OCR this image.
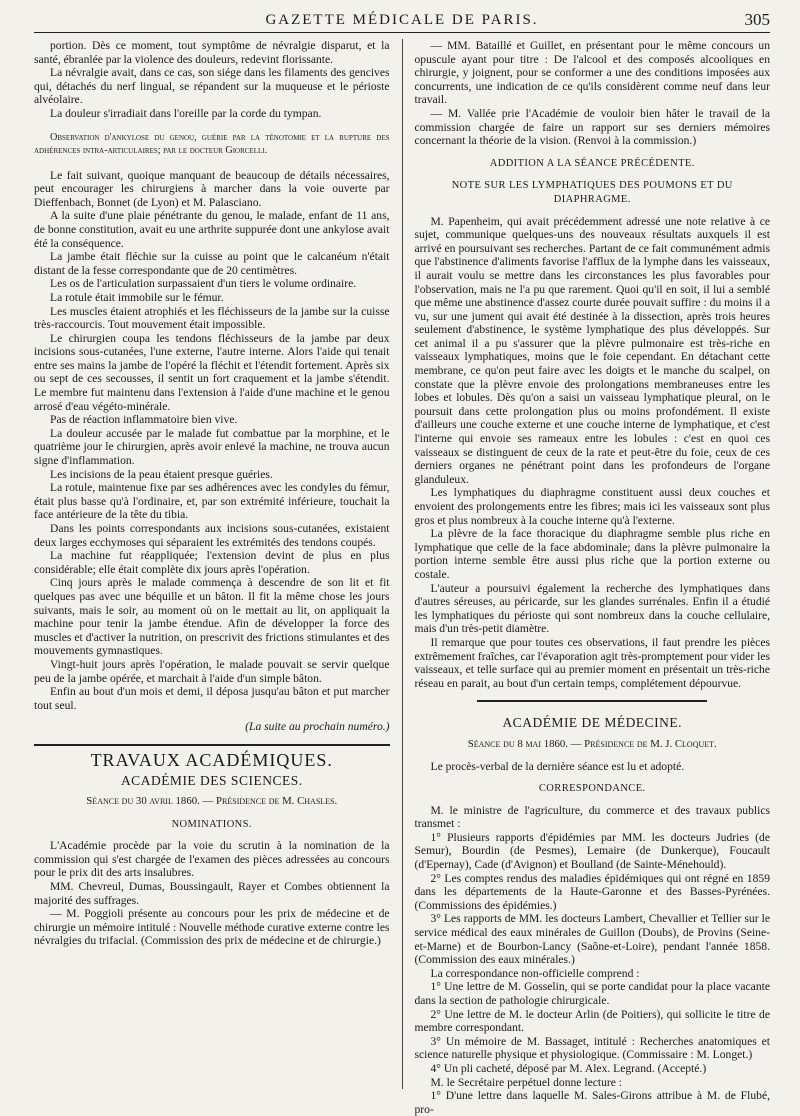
GAZETTE MÉDICALE DE PARIS.	305

portion. Dès ce moment, tout symptôme de névralgie disparut, et la santé, ébranlée par la violence des douleurs, redevint florissante.

La névralgie avait, dans ce cas, son siége dans les filaments des gencives qui, détachés du nerf lingual, se répandent sur la muqueuse et le périoste alvéolaire.

La douleur s'irradiait dans l'oreille par la corde du tympan.

Observation d'ankylose du genou, guérie par la ténotomie et la rupture des adhérences intra-articulaires; par le docteur Giorcelli.

Le fait suivant, quoique manquant de beaucoup de détails nécessaires, peut encourager les chirurgiens à marcher dans la voie ouverte par Dieffenbach, Bonnet (de Lyon) et M. Palasciano.

A la suite d'une plaie pénétrante du genou, le malade, enfant de 11 ans, de bonne constitution, avait eu une arthrite suppurée dont une ankylose avait été la conséquence.

La jambe était fléchie sur la cuisse au point que le calcanéum n'était distant de la fesse correspondante que de 20 centimètres.

Les os de l'articulation surpassaient d'un tiers le volume ordinaire.

La rotule était immobile sur le fémur.

Les muscles étaient atrophiés et les fléchisseurs de la jambe sur la cuisse très-raccourcis. Tout mouvement était impossible.

Le chirurgien coupa les tendons fléchisseurs de la jambe par deux incisions sous-cutanées, l'une externe, l'autre interne. Alors l'aide qui tenait entre ses mains la jambe de l'opéré la fléchit et l'étendit fortement. Après six ou sept de ces secousses, il sentit un fort craquement et la jambe s'étendit. Le membre fut maintenu dans l'extension à l'aide d'une machine et le genou arrosé d'eau végéto-minérale.

Pas de réaction inflammatoire bien vive.

La douleur accusée par le malade fut combattue par la morphine, et le quatrième jour le chirurgien, après avoir enlevé la machine, ne trouva aucun signe d'inflammation.

Les incisions de la peau étaient presque guéries.

La rotule, maintenue fixe par ses adhérences avec les condyles du fémur, était plus basse qu'à l'ordinaire, et, par son extrémité inférieure, touchait la face antérieure de la tête du tibia.

Dans les points correspondants aux incisions sous-cutanées, existaient deux larges ecchymoses qui séparaient les extrémités des tendons coupés.

La machine fut réappliquée; l'extension devint de plus en plus considérable; elle était complète dix jours après l'opération.

Cinq jours après le malade commença à descendre de son lit et fit quelques pas avec une béquille et un bâton. Il fit la même chose les jours suivants, mais le soir, au moment où on le mettait au lit, on appliquait la machine pour tenir la jambe étendue. Afin de développer la force des muscles et d'activer la nutrition, on prescrivit des frictions stimulantes et des mouvements gymnastiques.

Vingt-huit jours après l'opération, le malade pouvait se servir quelque peu de la jambe opérée, et marchait à l'aide d'un simple bâton.

Enfin au bout d'un mois et demi, il déposa jusqu'au bâton et put marcher tout seul.

(La suite au prochain numéro.)
TRAVAUX ACADÉMIQUES.
ACADÉMIE DES SCIENCES.
Séance du 30 avril 1860. — Présidence de M. Chasles.
NOMINATIONS.

L'Académie procède par la voie du scrutin à la nomination de la commission qui s'est chargée de l'examen des pièces adressées au concours pour le prix dit des arts insalubres.

MM. Chevreul, Dumas, Boussingault, Rayer et Combes obtiennent la majorité des suffrages.

— M. Poggioli présente au concours pour les prix de médecine et de chirurgie un mémoire intitulé : Nouvelle méthode curative externe contre les névralgies du trifacial. (Commission des prix de médecine et de chirurgie.)

— MM. Bataillé et Guillet, en présentant pour le même concours un opuscule ayant pour titre : De l'alcool et des composés alcooliques en chirurgie, y joignent, pour se conformer a une des conditions imposées aux concurrents, une indication de ce qu'ils considèrent comme neuf dans leur travail.

— M. Vallée prie l'Académie de vouloir bien hâter le travail de la commission chargée de faire un rapport sur ses derniers mémoires concernant la théorie de la vision. (Renvoi à la commission.)

ADDITION A LA SÉANCE PRÉCÉDENTE.
NOTE SUR LES LYMPHATIQUES DES POUMONS ET DU DIAPHRAGME.

M. Papenheim, qui avait précédemment adressé une note relative à ce sujet, communique quelques-uns des nouveaux résultats auxquels il est arrivé en poursuivant ses recherches. Partant de ce fait communément admis que l'abstinence d'aliments favorise l'afflux de la lymphe dans les vaisseaux, il aurait voulu se mettre dans les circonstances les plus favorables pour l'observation, mais ne l'a pu que rarement. Quoi qu'il en soit, il lui a semblé que même une abstinence d'assez courte durée pouvait suffire : du moins il a vu, sur une jument qui avait été destinée à la dissection, après trois heures seulement d'abstinence, le système lymphatique des plus développés. Sur cet animal il a pu s'assurer que la plèvre pulmonaire est très-riche en vaisseaux lymphatiques, moins que le foie cependant. En détachant cette membrane, ce qu'on peut faire avec les doigts et le manche du scalpel, on constate que la plèvre envoie des prolongations membraneuses entre les lobes et lobules. Dès qu'on a saisi un vaisseau lymphatique pleural, on le poursuit dans cette prolongation plus ou moins profondément. Il existe d'ailleurs une couche externe et une couche interne de lymphatique, et c'est l'interne qui envoie ses rameaux entre les lobules : c'est en quoi ces vaisseaux se distinguent de ceux de la rate et peut-être du foie, ceux de ces derniers organes ne pénétrant point dans les profondeurs de l'organe glanduleux.

Les lymphatiques du diaphragme constituent aussi deux couches et envoient des prolongements entre les fibres; mais ici les vaisseaux sont plus gros et plus nombreux à la couche interne qu'à l'externe.

La plèvre de la face thoracique du diaphragme semble plus riche en lymphatique que celle de la face abdominale; dans la plèvre pulmonaire la portion interne semble être aussi plus riche que la portion externe ou costale.

L'auteur a poursuivi également la recherche des lymphatiques dans d'autres séreuses, au péricarde, sur les glandes surrénales. Enfin il a étudié les lymphatiques du périoste qui sont nombreux dans la couche cellulaire, mais d'un très-petit diamètre.

Il remarque que pour toutes ces observations, il faut prendre les pièces extrêmement fraîches, car l'évaporation agit très-promptement pour vider les vaisseaux, et telle surface qui au premier moment en présentait un très-riche réseau en parait, au bout d'un certain temps, complétement dépourvue.

ACADÉMIE DE MÉDECINE.
Séance du 8 mai 1860. — Présidence de M. J. Cloquet.

Le procès-verbal de la dernière séance est lu et adopté.

CORRESPONDANCE.

M. le ministre de l'agriculture, du commerce et des travaux publics transmet :

1° Plusieurs rapports d'épidémies par MM. les docteurs Judries (de Semur), Bourdin (de Pesmes), Lemaire (de Dunkerque), Foucault (d'Epernay), Cade (d'Avignon) et Boulland (de Sainte-Ménehould).

2° Les comptes rendus des maladies épidémiques qui ont régné en 1859 dans les départements de la Haute-Garonne et des Basses-Pyrénées. (Commissions des épidémies.)

3° Les rapports de MM. les docteurs Lambert, Chevallier et Tellier sur le service médical des eaux minérales de Guillon (Doubs), de Provins (Seine-et-Marne) et de Bourbon-Lancy (Saône-et-Loire), pendant l'année 1858. (Commission des eaux minérales.)

La correspondance non-officielle comprend :

1° Une lettre de M. Gosselin, qui se porte candidat pour la place vacante dans la section de pathologie chirurgicale.

2° Une lettre de M. le docteur Arlin (de Poitiers), qui sollicite le titre de membre correspondant.

3° Un mémoire de M. Bassaget, intitulé : Recherches anatomiques et science naturelle physique et physiologique. (Commissaire : M. Longet.)

4° Un pli cacheté, déposé par M. Alex. Legrand. (Accepté.)

M. le Secrétaire perpétuel donne lecture :

1° D'une lettre dans laquelle M. Sales-Girons attribue à M. de Flubé, pro-
